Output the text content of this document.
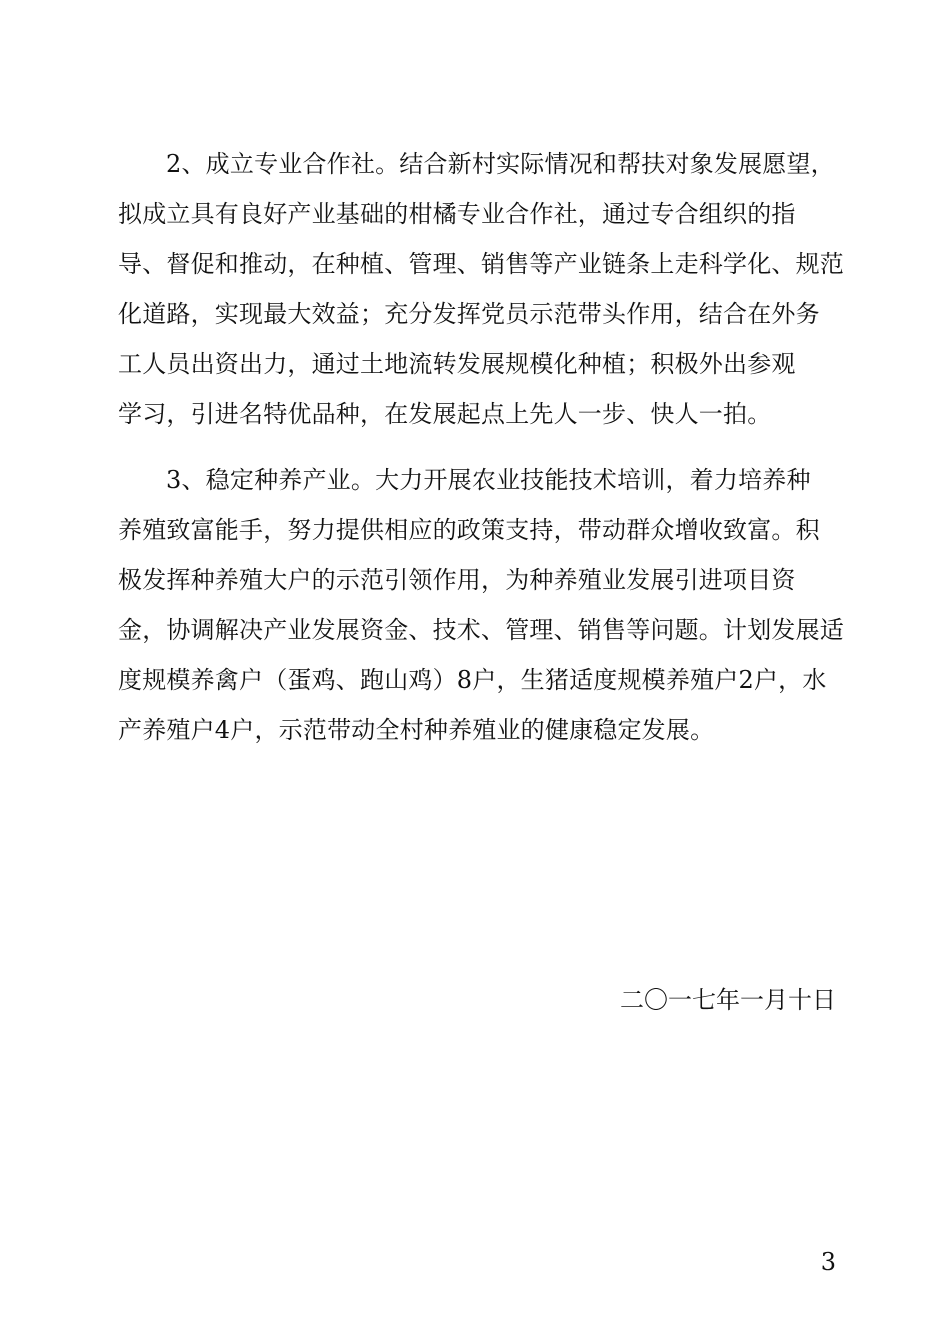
2、成立专业合作社。结合新村实际情况和帮扶对象发展愿望，
拟成立具有良好产业基础的柑橘专业合作社，通过专合组织的指
导、督促和推动，在种植、管理、销售等产业链条上走科学化、规范
化道路，实现最大效益；充分发挥党员示范带头作用，结合在外务
工人员出资出力，通过土地流转发展规模化种植；积极外出参观
学习，引进名特优品种，在发展起点上先人一步、快人一拍。
3、稳定种养产业。大力开展农业技能技术培训，着力培养种
养殖致富能手，努力提供相应的政策支持，带动群众增收致富。积
极发挥种养殖大户的示范引领作用，为种养殖业发展引进项目资
金，协调解决产业发展资金、技术、管理、销售等问题。计划发展适
度规模养禽户（蛋鸡、跑山鸡）8户，生猪适度规模养殖户2户，水
产养殖户4户，示范带动全村种养殖业的健康稳定发展。
二〇一七年一月十日
3
